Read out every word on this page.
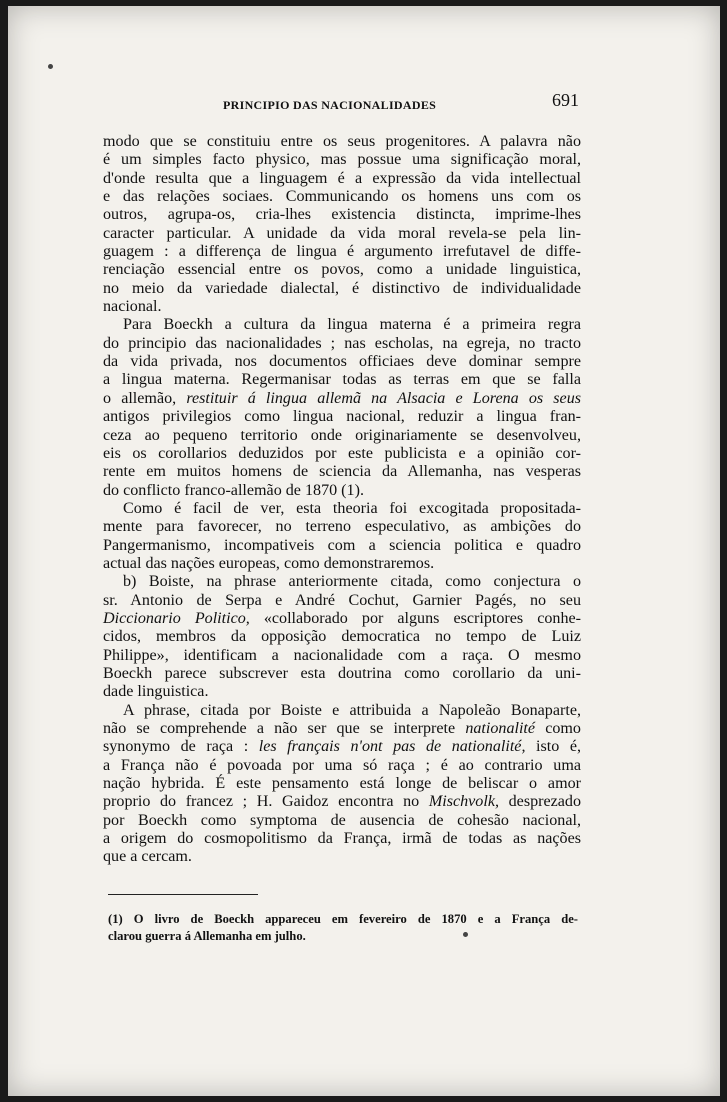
PRINCIPIO DAS NACIONALIDADES	691
modo que se constituiu entre os seus progenitores. A palavra não
é um simples facto physico, mas possue uma significação moral,
d'onde resulta que a linguagem é a expressão da vida intellectual
e das relações sociaes. Communicando os homens uns com os
outros, agrupa-os, cria-lhes existencia distincta, imprime-lhes
caracter particular. A unidade da vida moral revela-se pela lin-
guagem : a differença de lingua é argumento irrefutavel de diffe-
renciação essencial entre os povos, como a unidade linguistica,
no meio da variedade dialectal, é distinctivo de individualidade
nacional.
Para Boeckh a cultura da lingua materna é a primeira regra
do principio das nacionalidades ; nas escholas, na egreja, no tracto
da vida privada, nos documentos officiaes deve dominar sempre
a lingua materna. Regermanisar todas as terras em que se falla
o allemão, restituir á lingua allemã na Alsacia e Lorena os seus
antigos privilegios como lingua nacional, reduzir a lingua fran-
ceza ao pequeno territorio onde originariamente se desenvolveu,
eis os corollarios deduzidos por este publicista e a opinião cor-
rente em muitos homens de sciencia da Allemanha, nas vesperas
do conflicto franco-allemão de 1870 (1).
Como é facil de ver, esta theoria foi excogitada propositada-
mente para favorecer, no terreno especulativo, as ambições do
Pangermanismo, incompativeis com a sciencia politica e quadro
actual das nações europeas, como demonstraremos.
b) Boiste, na phrase anteriormente citada, como conjectura o
sr. Antonio de Serpa e André Cochut, Garnier Pagés, no seu
Diccionario Politico, «collaborado por alguns escriptores conhe-
cidos, membros da opposição democratica no tempo de Luiz
Philippe», identificam a nacionalidade com a raça. O mesmo
Boeckh parece subscrever esta doutrina como corollario da uni-
dade linguistica.
A phrase, citada por Boiste e attribuida a Napoleão Bonaparte,
não se comprehende a não ser que se interprete nationalité como
synonymo de raça : les français n'ont pas de nationalité, isto é,
a França não é povoada por uma só raça ; é ao contrario uma
nação hybrida. É este pensamento está longe de beliscar o amor
proprio do francez ; H. Gaidoz encontra no Mischvolk, desprezado
por Boeckh como symptoma de ausencia de cohesão nacional,
a origem do cosmopolitismo da França, irmã de todas as nações
que a cercam.
(1) O livro de Boeckh appareceu em fevereiro de 1870 e a França de-
clarou guerra á Allemanha em julho.
